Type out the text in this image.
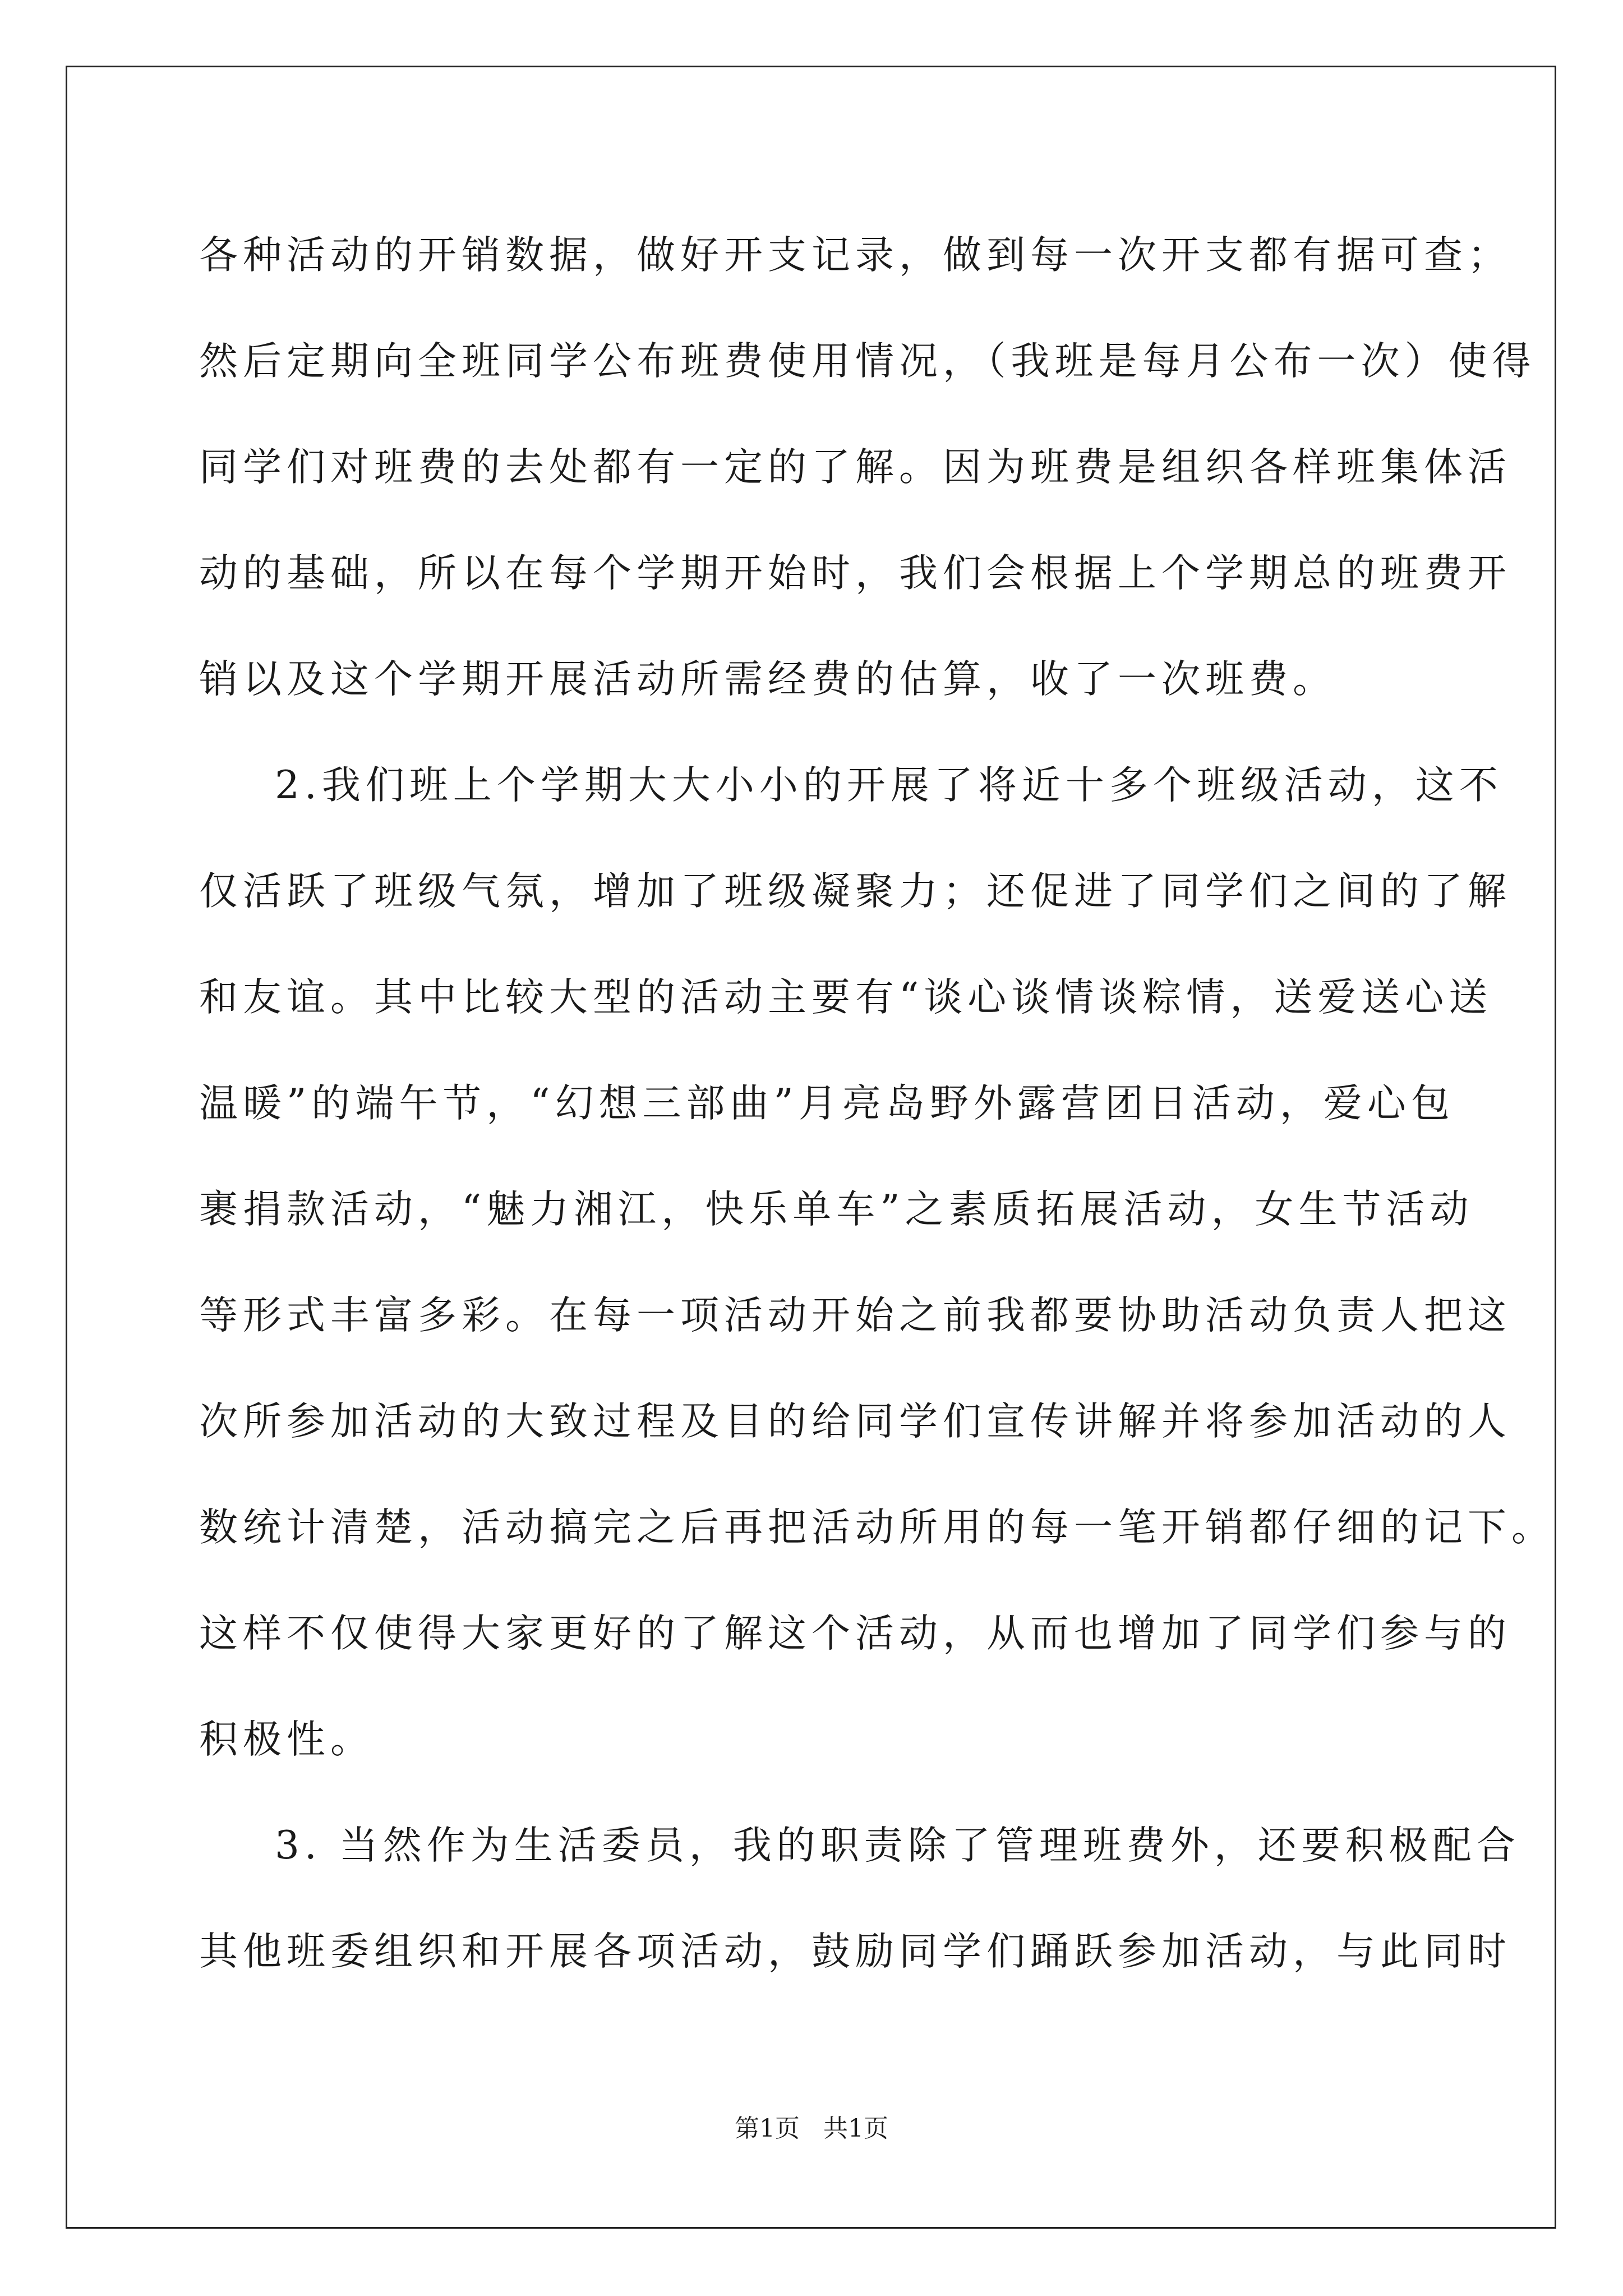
各种活动的开销数据，做好开支记录，做到每一次开支都有据可查；
然后定期向全班同学公布班费使用情况，（我班是每月公布一次）使得
同学们对班费的去处都有一定的了解。因为班费是组织各样班集体活
动的基础，所以在每个学期开始时，我们会根据上个学期总的班费开
销以及这个学期开展活动所需经费的估算，收了一次班费。
2.我们班上个学期大大小小的开展了将近十多个班级活动，这不
仅活跃了班级气氛，增加了班级凝聚力；还促进了同学们之间的了解
和友谊。其中比较大型的活动主要有“谈心谈情谈粽情，送爱送心送
温暖”的端午节，“幻想三部曲”月亮岛野外露营团日活动，爱心包
裹捐款活动，“魅力湘江，快乐单车”之素质拓展活动，女生节活动
等形式丰富多彩。在每一项活动开始之前我都要协助活动负责人把这
次所参加活动的大致过程及目的给同学们宣传讲解并将参加活动的人
数统计清楚，活动搞完之后再把活动所用的每一笔开销都仔细的记下。
这样不仅使得大家更好的了解这个活动，从而也增加了同学们参与的
积极性。
3. 当然作为生活委员，我的职责除了管理班费外，还要积极配合
其他班委组织和开展各项活动，鼓励同学们踊跃参加活动，与此同时
第1页   共1页
